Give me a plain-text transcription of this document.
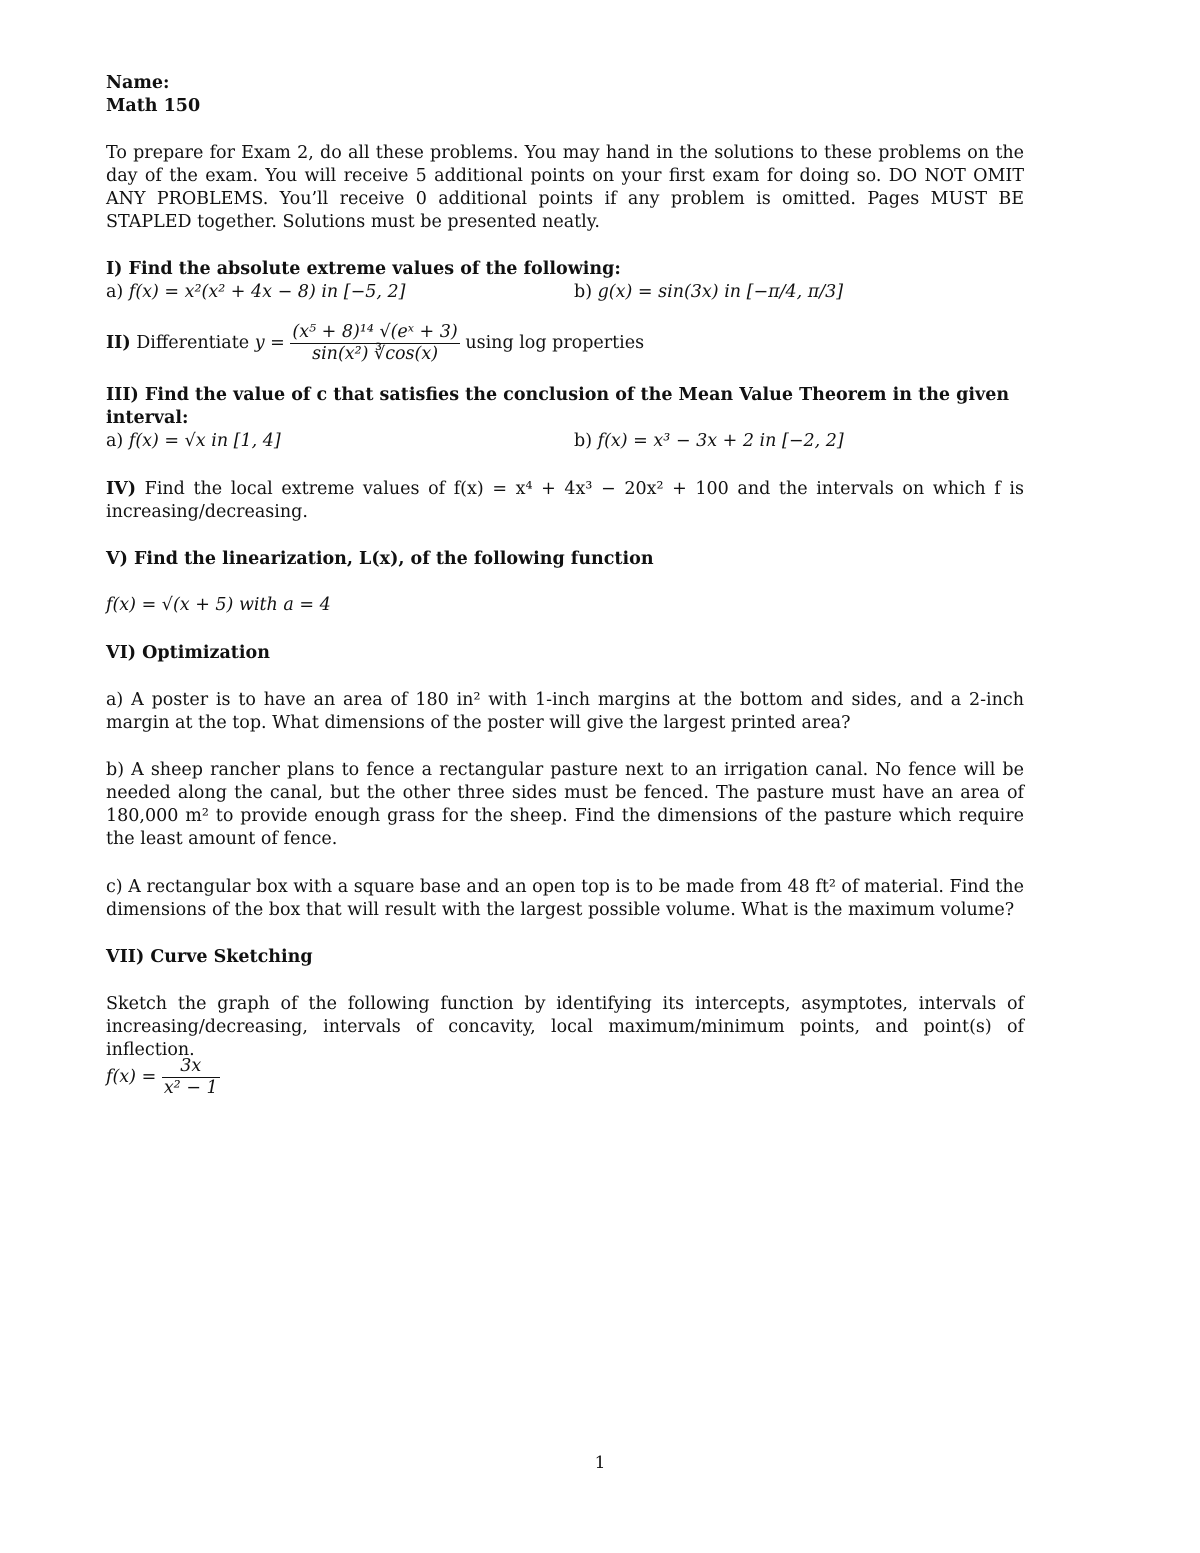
Name:
Math 150
To prepare for Exam 2, do all these problems. You may hand in the solutions to these problems on the day of the exam. You will receive 5 additional points on your first exam for doing so. DO NOT OMIT ANY PROBLEMS. You’ll receive 0 additional points if any problem is omitted. Pages MUST BE STAPLED together. Solutions must be presented neatly.
I) Find the absolute extreme values of the following:
a) f(x) = x²(x² + 4x − 8) in [−5, 2]	b) g(x) = sin(3x) in [−π/4, π/3]
II) Differentiate $y = \frac{\text{(x⁵ + 8)¹⁴ √(eˣ + 3)}}{\text{sin(x²) ∛cos(x)}}$ using log properties
III) Find the value of c that satisfies the conclusion of the Mean Value Theorem in the given interval:
a) f(x) = √x in [1, 4]	b) f(x) = x³ − 3x + 2 in [−2, 2]
IV) Find the local extreme values of f(x) = x⁴ + 4x³ − 20x² + 100 and the intervals on which f is increasing/decreasing.
V) Find the linearization, L(x), of the following function
f(x) = √(x + 5) with a = 4
VI) Optimization
a) A poster is to have an area of 180 in² with 1-inch margins at the bottom and sides, and a 2-inch margin at the top. What dimensions of the poster will give the largest printed area?
b) A sheep rancher plans to fence a rectangular pasture next to an irrigation canal. No fence will be needed along the canal, but the other three sides must be fenced. The pasture must have an area of 180,000 m² to provide enough grass for the sheep. Find the dimensions of the pasture which require the least amount of fence.
c) A rectangular box with a square base and an open top is to be made from 48 ft² of material. Find the dimensions of the box that will result with the largest possible volume. What is the maximum volume?
VII) Curve Sketching
Sketch the graph of the following function by identifying its intercepts, asymptotes, intervals of increasing/decreasing, intervals of concavity, local maximum/minimum points, and point(s) of inflection.
$f(x) = \frac{3x}{\text{x² − 1}}$
1
